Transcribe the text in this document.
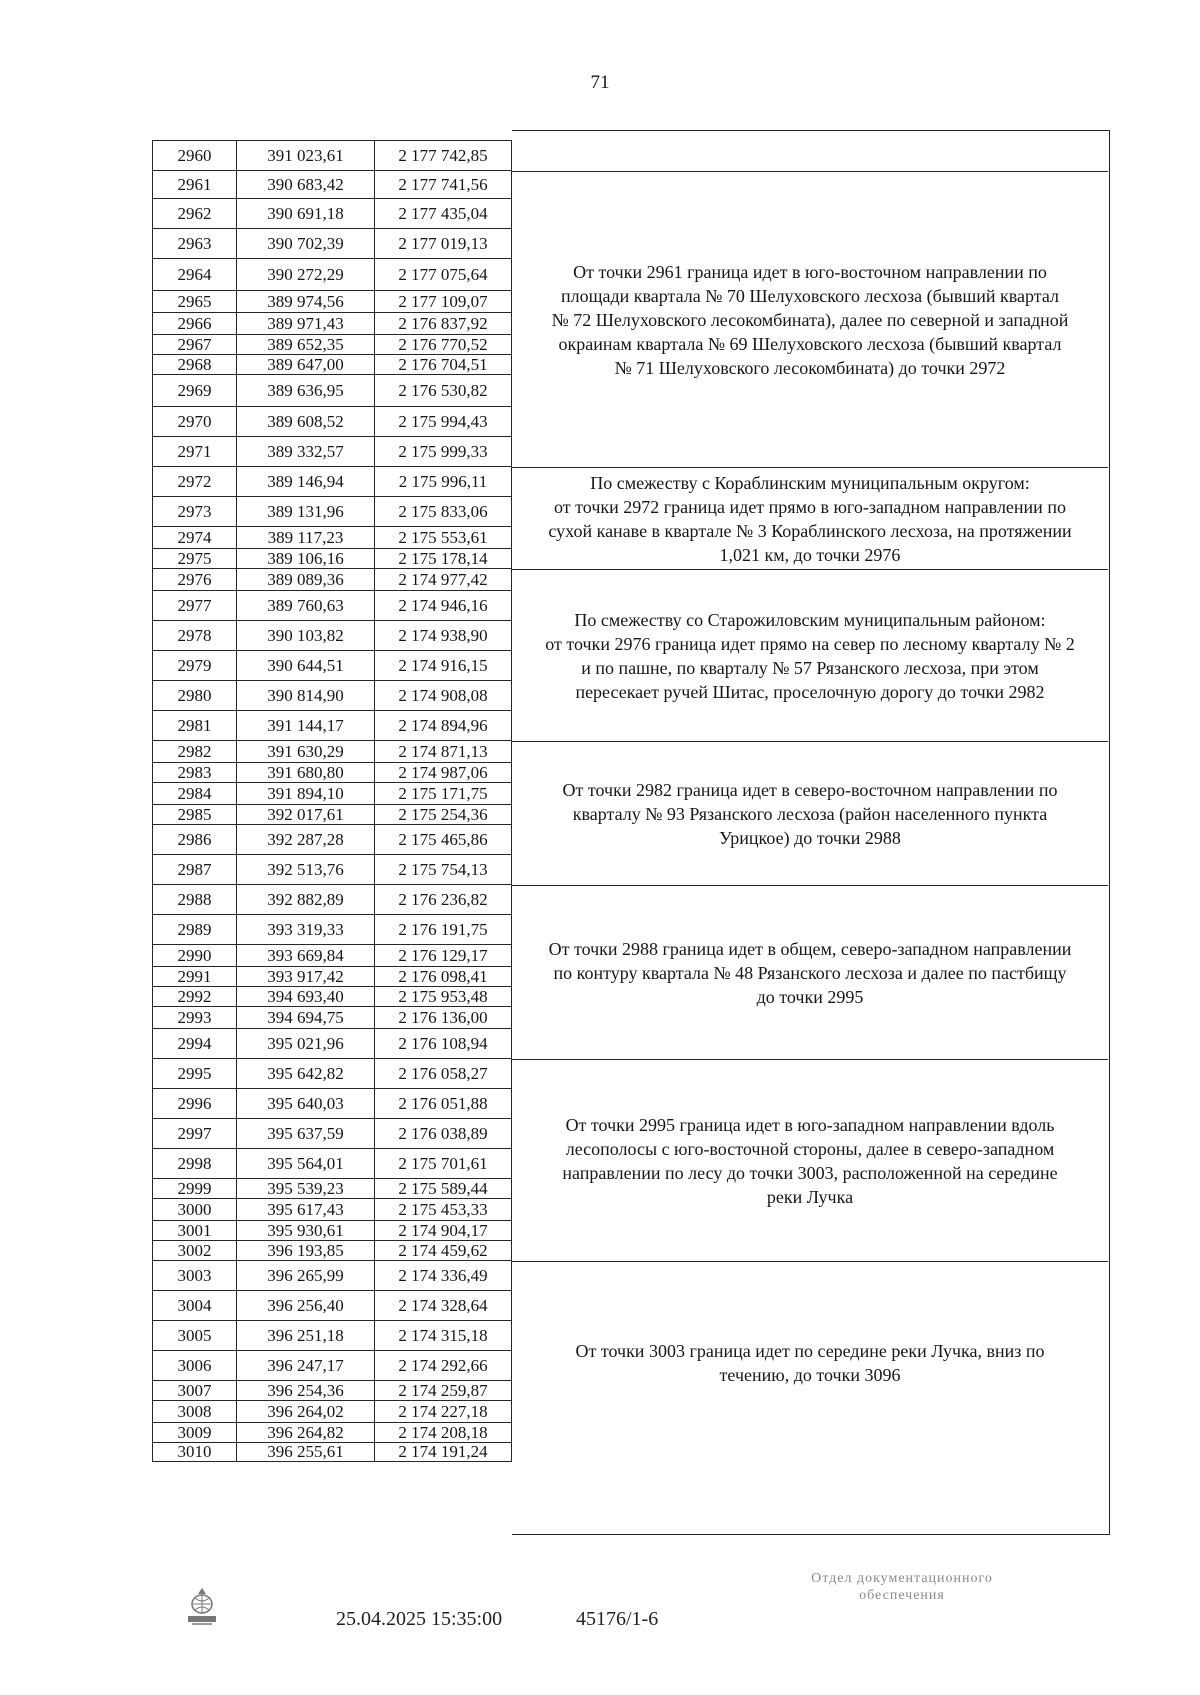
71
2960	391 023,61	2 177 742,85
2961	390 683,42	2 177 741,56
2962	390 691,18	2 177 435,04
2963	390 702,39	2 177 019,13
2964	390 272,29	2 177 075,64
2965	389 974,56	2 177 109,07
2966	389 971,43	2 176 837,92
2967	389 652,35	2 176 770,52
2968	389 647,00	2 176 704,51
2969	389 636,95	2 176 530,82
2970	389 608,52	2 175 994,43
2971	389 332,57	2 175 999,33
2972	389 146,94	2 175 996,11
2973	389 131,96	2 175 833,06
2974	389 117,23	2 175 553,61
2975	389 106,16	2 175 178,14
2976	389 089,36	2 174 977,42
2977	389 760,63	2 174 946,16
2978	390 103,82	2 174 938,90
2979	390 644,51	2 174 916,15
2980	390 814,90	2 174 908,08
2981	391 144,17	2 174 894,96
2982	391 630,29	2 174 871,13
2983	391 680,80	2 174 987,06
2984	391 894,10	2 175 171,75
2985	392 017,61	2 175 254,36
2986	392 287,28	2 175 465,86
2987	392 513,76	2 175 754,13
2988	392 882,89	2 176 236,82
2989	393 319,33	2 176 191,75
2990	393 669,84	2 176 129,17
2991	393 917,42	2 176 098,41
2992	394 693,40	2 175 953,48
2993	394 694,75	2 176 136,00
2994	395 021,96	2 176 108,94
2995	395 642,82	2 176 058,27
2996	395 640,03	2 176 051,88
2997	395 637,59	2 176 038,89
2998	395 564,01	2 175 701,61
2999	395 539,23	2 175 589,44
3000	395 617,43	2 175 453,33
3001	395 930,61	2 174 904,17
3002	396 193,85	2 174 459,62
3003	396 265,99	2 174 336,49
3004	396 256,40	2 174 328,64
3005	396 251,18	2 174 315,18
3006	396 247,17	2 174 292,66
3007	396 254,36	2 174 259,87
3008	396 264,02	2 174 227,18
3009	396 264,82	2 174 208,18
3010	396 255,61	2 174 191,24
От точки 2961 граница идет в юго-восточном направлении по
площади квартала № 70 Шелуховского лесхоза (бывший квартал
№ 72 Шелуховского лесокомбината), далее по северной и западной
окраинам квартала № 69 Шелуховского лесхоза (бывший квартал
№ 71 Шелуховского лесокомбината) до точки 2972
По смежеству с Кораблинским муниципальным округом:
от точки 2972 граница идет прямо в юго-западном направлении по
сухой канаве в квартале № 3 Кораблинского лесхоза, на протяжении
1,021 км, до точки 2976
По смежеству со Старожиловским муниципальным районом:
от точки 2976 граница идет прямо на север по лесному кварталу № 2
и по пашне, по кварталу № 57 Рязанского лесхоза, при этом
пересекает ручей Шитас, проселочную дорогу до точки 2982
От точки 2982 граница идет в северо-восточном направлении по
кварталу № 93 Рязанского лесхоза (район населенного пункта
Урицкое) до точки 2988
От точки 2988 граница идет в общем, северо-западном направлении
по контуру квартала № 48 Рязанского лесхоза и далее по пастбищу
до точки 2995
От точки 2995 граница идет в юго-западном направлении вдоль
лесополосы с юго-восточной стороны, далее в северо-западном
направлении по лесу до точки 3003, расположенной на середине
реки Лучка
От точки 3003 граница идет по середине реки Лучка, вниз по
течению, до точки 3096
25.04.2025 15:35:00	45176/1-6
Отдел документационного
обеспечения
